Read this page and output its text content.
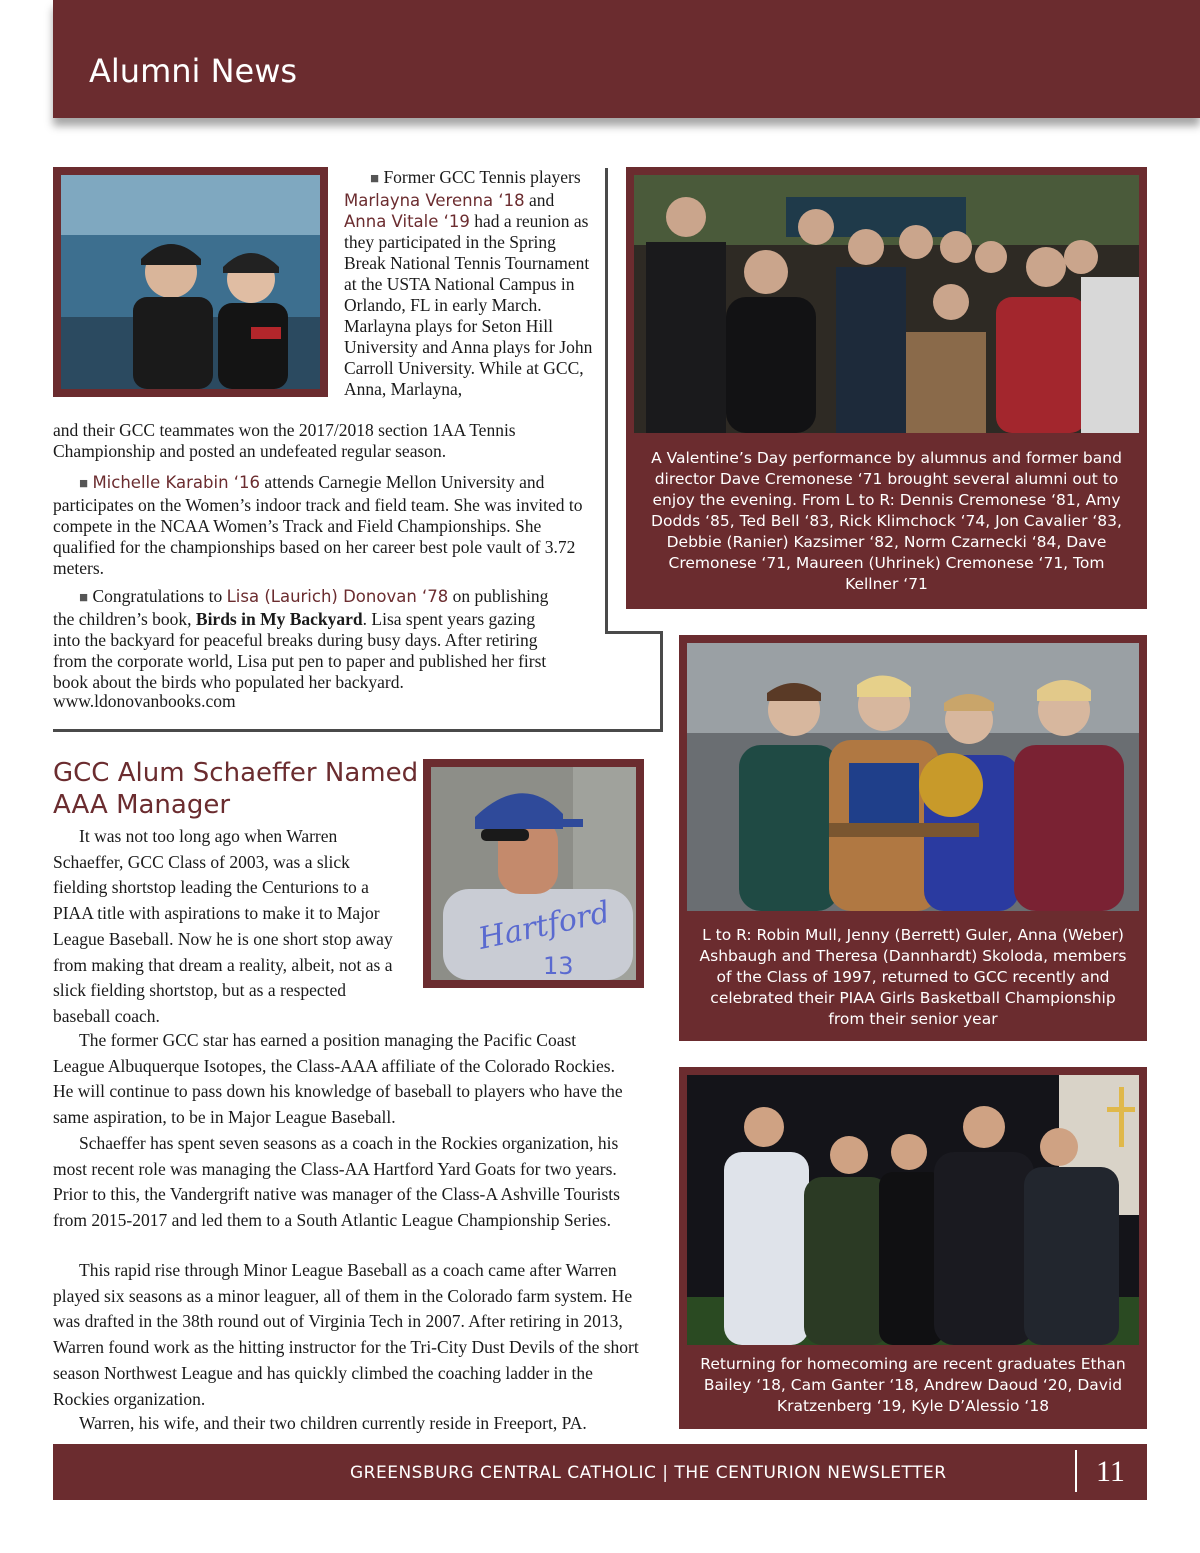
Alumni News
■ Former GCC Tennis players Marlayna Verenna ‘18 and Anna Vitale ‘19 had a reunion as they participated in the Spring Break National Tennis Tournament at the USTA National Campus in Orlando, FL in early March. Marlayna plays for Seton Hill University and Anna plays for John Carroll University. While at GCC, Anna, Marlayna,
and their GCC teammates won the 2017/2018 section 1AA Tennis Championship and posted an undefeated regular season.
■ Michelle Karabin ‘16 attends Carnegie Mellon University and participates on the Women’s indoor track and field team. She was invited to compete in the NCAA Women’s Track and Field Championships. She qualified for the championships based on her career best pole vault of 3.72 meters.
■ Congratulations to Lisa (Laurich) Donovan ‘78 on publishing the children’s book, Birds in My Backyard. Lisa spent years gazing into the backyard for peaceful breaks during busy days. After retiring from the corporate world, Lisa put pen to paper and published her first book about the birds who populated her backyard.
www.ldonovanbooks.com
A Valentine’s Day performance by alumnus and former band director Dave Cremonese ‘71 brought several alumni out to enjoy the evening. From L to R: Dennis Cremonese ‘81, Amy Dodds ‘85, Ted Bell ‘83, Rick Klimchock ‘74, Jon Cavalier ‘83, Debbie (Ranier) Kazsimer ‘82, Norm Czarnecki ‘84, Dave Cremonese ‘71, Maureen (Uhrinek) Cremonese ‘71, Tom Kellner ‘71
L to R: Robin Mull, Jenny (Berrett) Guler, Anna (Weber) Ashbaugh and Theresa (Dannhardt) Skoloda, members of the Class of 1997, returned to GCC recently and celebrated their PIAA Girls Basketball Championship from their senior year
Returning for homecoming are recent graduates Ethan Bailey ‘18, Cam Ganter ‘18, Andrew Daoud ‘20, David Kratzenberg ‘19, Kyle D’Alessio ‘18
GCC Alum Schaeffer Named AAA Manager
Hartford
13
It was not too long ago when Warren Schaeffer, GCC Class of 2003, was a slick fielding shortstop leading the Centurions to a PIAA title with aspirations to make it to Major League Baseball. Now he is one short stop away from making that dream a reality, albeit, not as a slick fielding shortstop, but as a respected baseball coach.
The former GCC star has earned a position managing the Pacific Coast League Albuquerque Isotopes, the Class-AAA affiliate of the Colorado Rockies. He will continue to pass down his knowledge of baseball to players who have the same aspiration, to be in Major League Baseball.
Schaeffer has spent seven seasons as a coach in the Rockies organization, his most recent role was managing the Class-AA Hartford Yard Goats for two years. Prior to this, the Vandergrift native was manager of the Class-A Ashville Tourists from 2015-2017 and led them to a South Atlantic League Championship Series.
This rapid rise through Minor League Baseball as a coach came after Warren played six seasons as a minor leaguer, all of them in the Colorado farm system. He was drafted in the 38th round out of Virginia Tech in 2007. After retiring in 2013, Warren found work as the hitting instructor for the Tri-City Dust Devils of the short season Northwest League and has quickly climbed the coaching ladder in the Rockies organization.
Warren, his wife, and their two children currently reside in Freeport, PA.
GREENSBURG CENTRAL CATHOLIC | THE CENTURION NEWSLETTER	11
